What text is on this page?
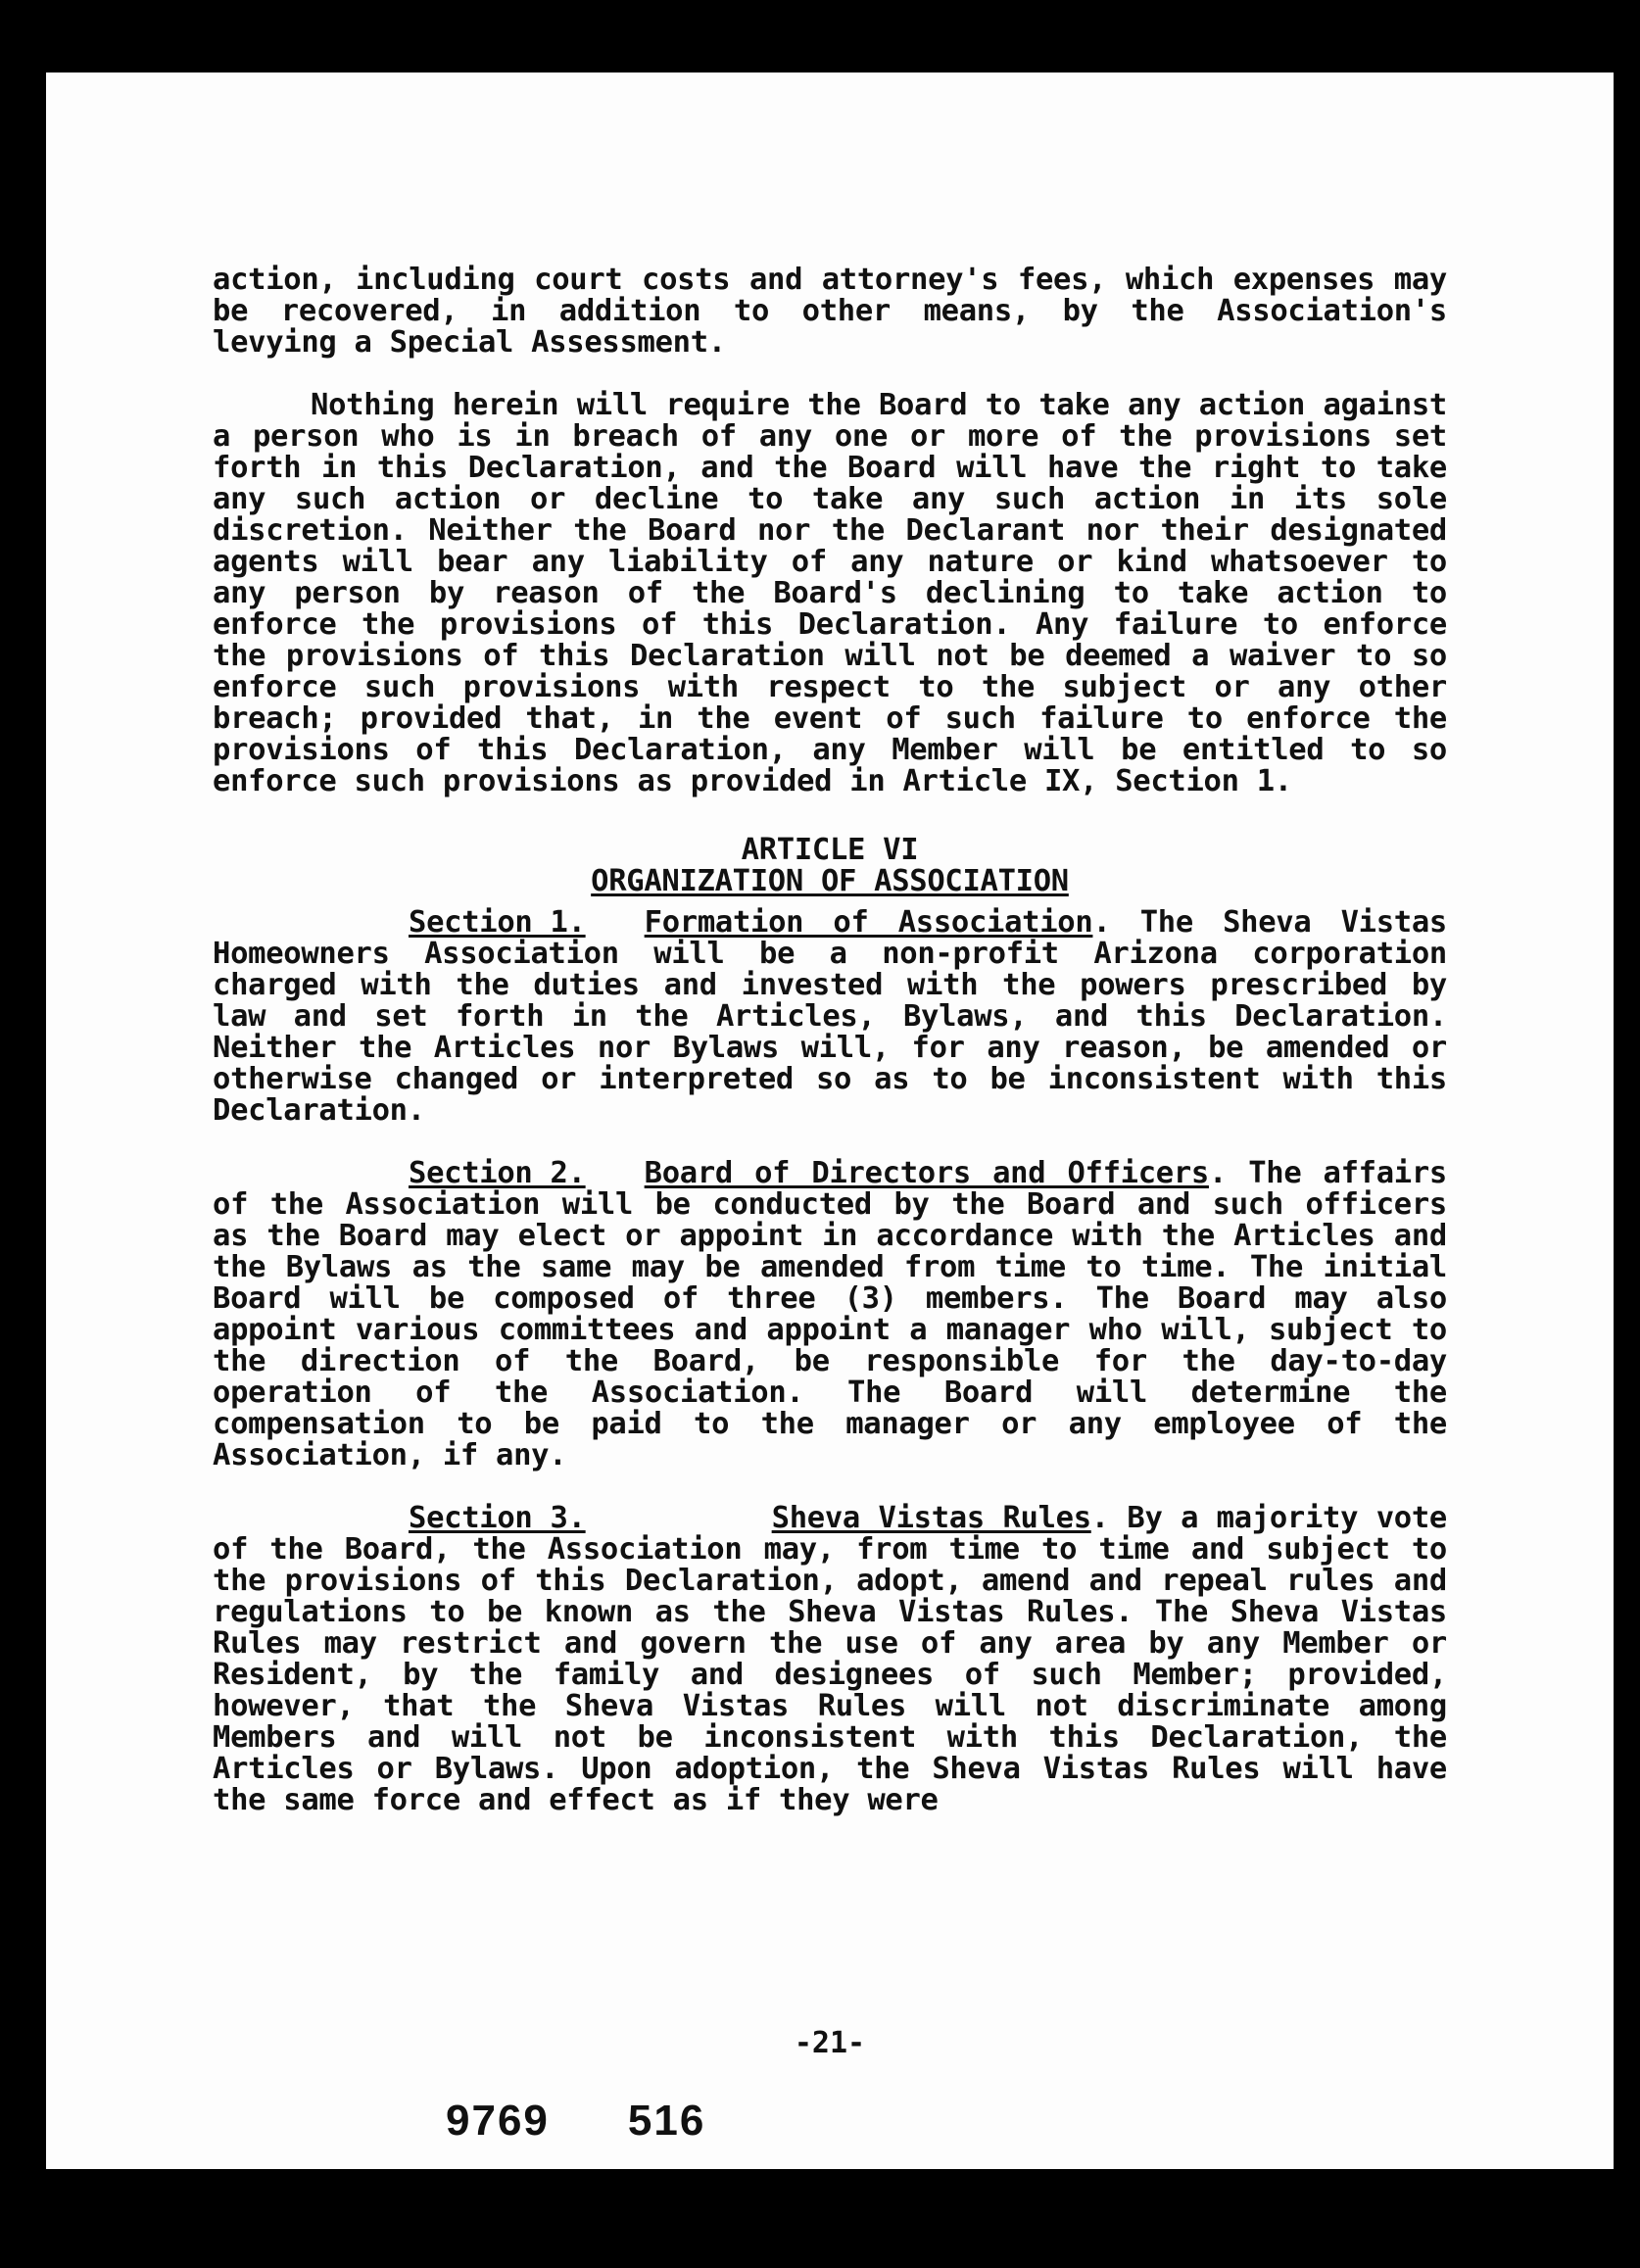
action, including court costs and attorney's fees, which expenses may be recovered, in addition to other means, by the Association's levying a Special Assessment.

Nothing herein will require the Board to take any action against a person who is in breach of any one or more of the provisions set forth in this Declaration, and the Board will have the right to take any such action or decline to take any such action in its sole discretion. Neither the Board nor the Declarant nor their designated agents will bear any liability of any nature or kind whatsoever to any person by reason of the Board's declining to take action to enforce the provisions of this Declaration. Any failure to enforce the provisions of this Declaration will not be deemed a waiver to so enforce such provisions with respect to the subject or any other breach; provided that, in the event of such failure to enforce the provisions of this Declaration, any Member will be entitled to so enforce such provisions as provided in Article IX, Section 1.

ARTICLE VI
ORGANIZATION OF ASSOCIATION

Section 1. Formation of Association. The Sheva Vistas Homeowners Association will be a non-profit Arizona corporation charged with the duties and invested with the powers prescribed by law and set forth in the Articles, Bylaws, and this Declaration. Neither the Articles nor Bylaws will, for any reason, be amended or otherwise changed or interpreted so as to be inconsistent with this Declaration.

Section 2. Board of Directors and Officers. The affairs of the Association will be conducted by the Board and such officers as the Board may elect or appoint in accordance with the Articles and the Bylaws as the same may be amended from time to time. The initial Board will be composed of three (3) members. The Board may also appoint various committees and appoint a manager who will, subject to the direction of the Board, be responsible for the day-to-day operation of the Association. The Board will determine the compensation to be paid to the manager or any employee of the Association, if any.

Section 3.	Sheva Vistas Rules. By a majority vote of the Board, the Association may, from time to time and subject to the provisions of this Declaration, adopt, amend and repeal rules and regulations to be known as the Sheva Vistas Rules. The Sheva Vistas Rules may restrict and govern the use of any area by any Member or Resident, by the family and designees of such Member; provided, however, that the Sheva Vistas Rules will not discriminate among Members and will not be inconsistent with this Declaration, the Articles or Bylaws. Upon adoption, the Sheva Vistas Rules will have the same force and effect as if they were

-21-
9769 516
